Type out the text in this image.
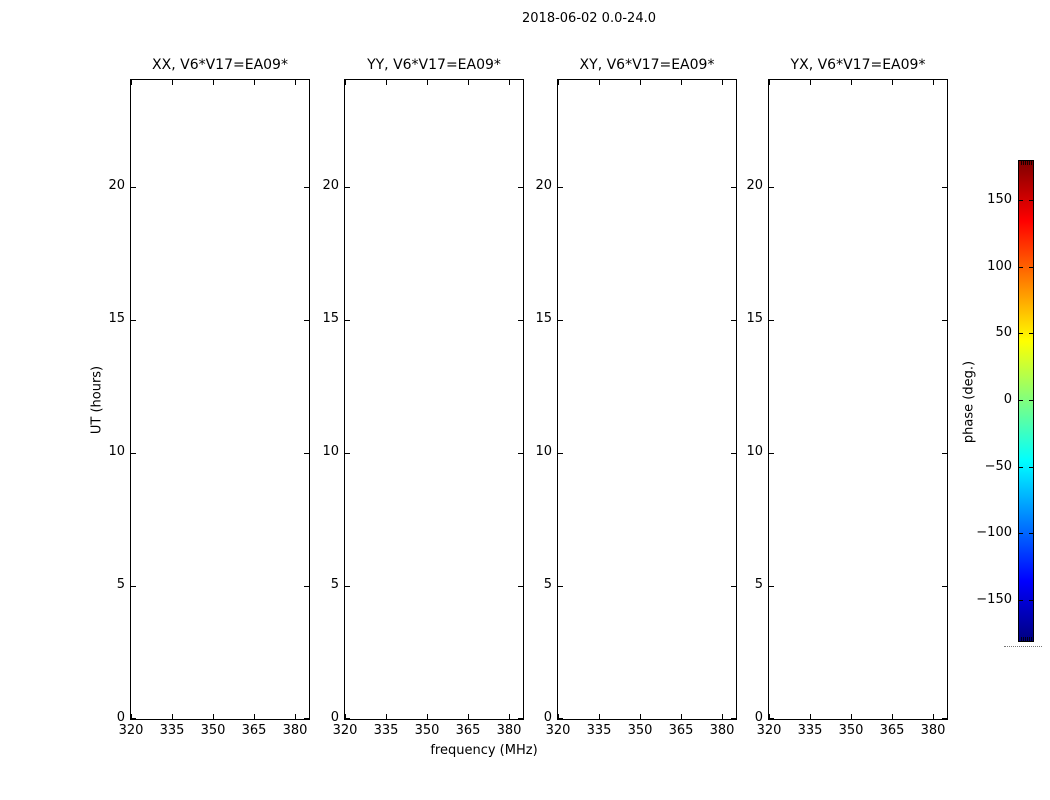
2018-06-02 0.0-24.0
XX, V6*V17=EA09*
320 335 350 365 380
0
5
10
15
20
YY, V6*V17=EA09*
320 335 350 365 380
0
5
10
15
20
XY, V6*V17=EA09*
320 335 350 365 380
0
5
10
15
20
YX, V6*V17=EA09*
320 335 350 365 380
0
5
10
15
20
frequency (MHz)
UT (hours)
150
100
50
0
−50
−100
−150
phase (deg.)
